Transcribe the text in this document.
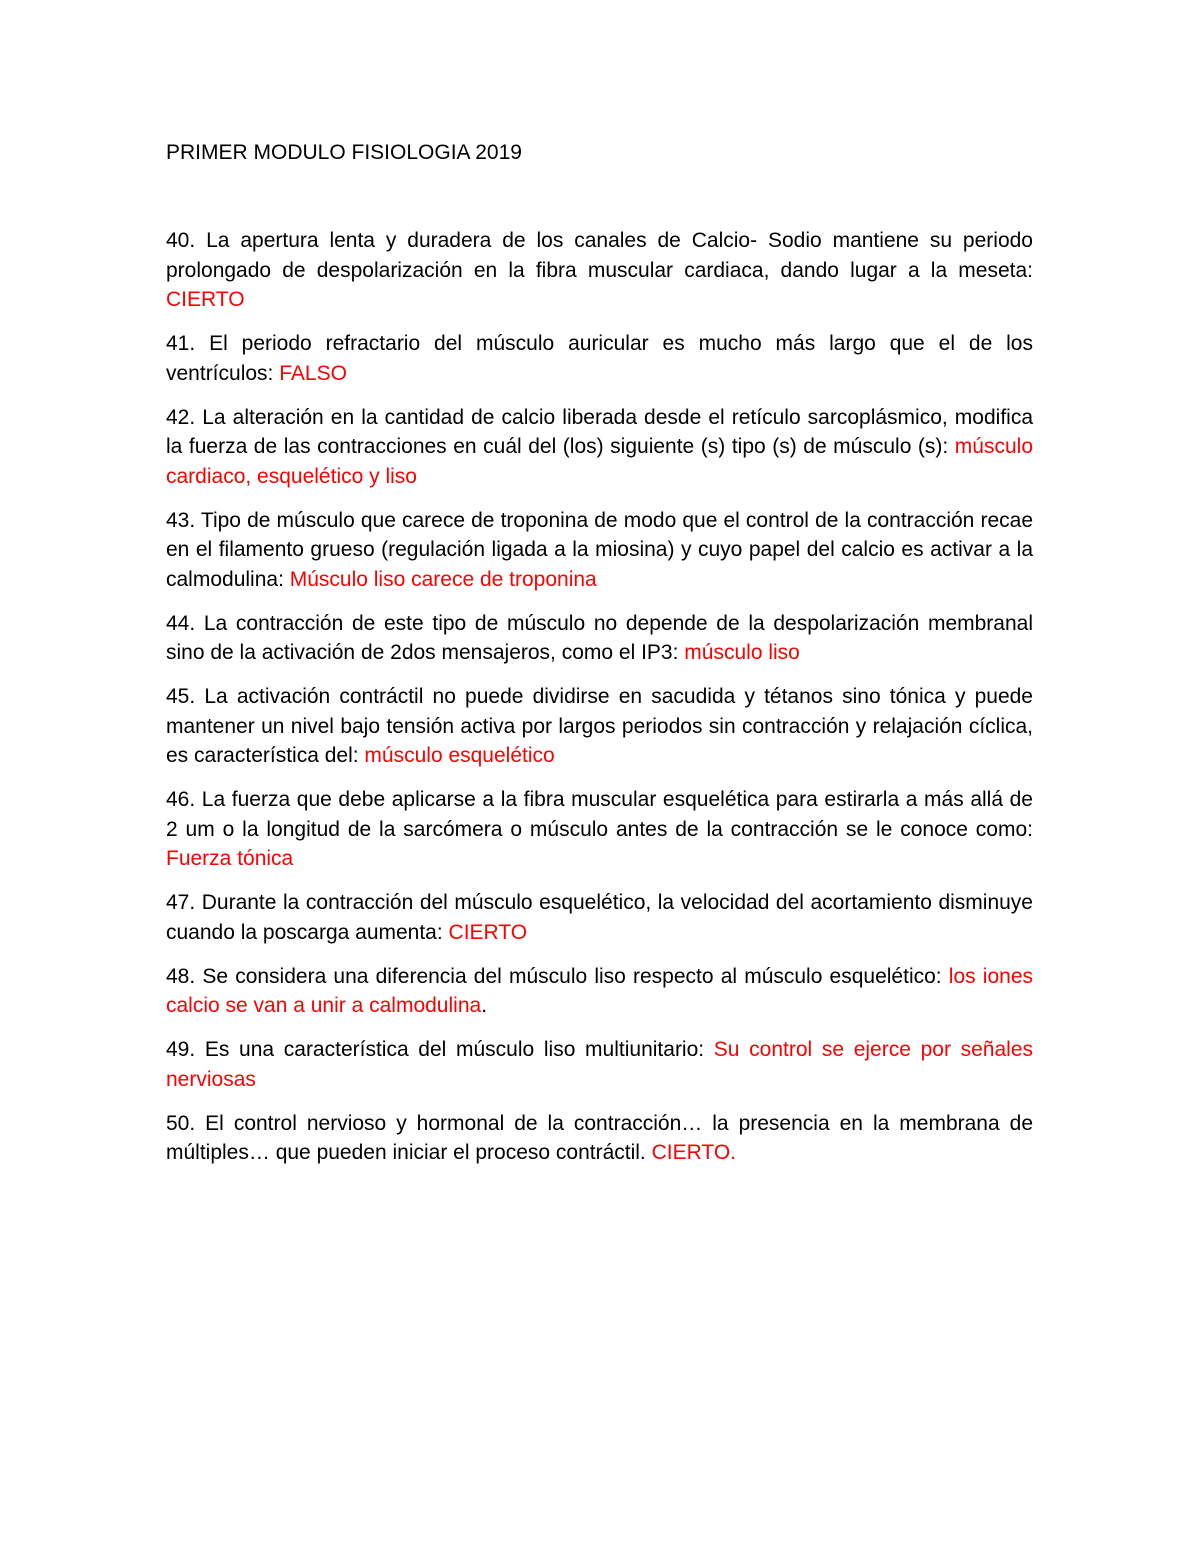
PRIMER MODULO FISIOLOGIA 2019

40. La apertura lenta y duradera de los canales de Calcio- Sodio mantiene su periodo prolongado de despolarización en la fibra muscular cardiaca, dando lugar a la meseta: CIERTO

41. El periodo refractario del músculo auricular es mucho más largo que el de los ventrículos: FALSO

42. La alteración en la cantidad de calcio liberada desde el retículo sarcoplásmico, modifica la fuerza de las contracciones en cuál del (los) siguiente (s) tipo (s) de músculo (s): músculo cardiaco, esquelético y liso

43. Tipo de músculo que carece de troponina de modo que el control de la contracción recae en el filamento grueso (regulación ligada a la miosina) y cuyo papel del calcio es activar a la calmodulina: Músculo liso carece de troponina

44. La contracción de este tipo de músculo no depende de la despolarización membranal sino de la activación de 2dos mensajeros, como el IP3: músculo liso

45. La activación contráctil no puede dividirse en sacudida y tétanos sino tónica y puede mantener un nivel bajo tensión activa por largos periodos sin contracción y relajación cíclica, es característica del: músculo esquelético

46. La fuerza que debe aplicarse a la fibra muscular esquelética para estirarla a más allá de 2 um o la longitud de la sarcómera o músculo antes de la contracción se le conoce como: Fuerza tónica

47. Durante la contracción del músculo esquelético, la velocidad del acortamiento disminuye cuando la poscarga aumenta: CIERTO

48. Se considera una diferencia del músculo liso respecto al músculo esquelético: los iones calcio se van a unir a calmodulina.

49. Es una característica del músculo liso multiunitario: Su control se ejerce por señales nerviosas

50. El control nervioso y hormonal de la contracción… la presencia en la membrana de múltiples… que pueden iniciar el proceso contráctil. CIERTO.
